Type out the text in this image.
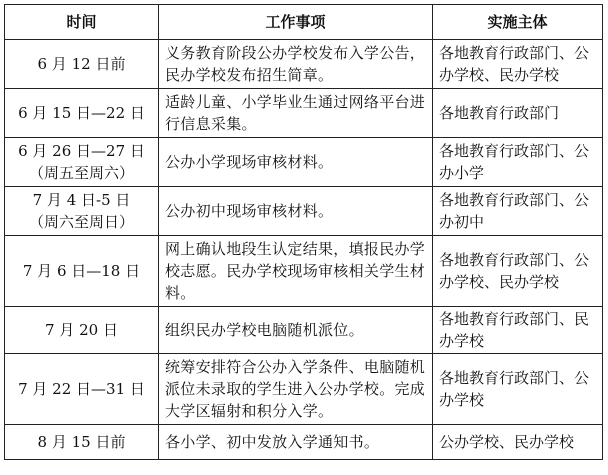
时间	工作事项	实施主体

6 月 12 日前	义务教育阶段公办学校发布入学公告，民办学校发布招生简章。	各地教育行政部门、公办学校、民办学校

6 月 15 日—22 日	适龄儿童、小学毕业生通过网络平台进行信息采集。	各地教育行政部门

6 月 26 日—27 日
（周五至周六）	公办小学现场审核材料。	各地教育行政部门、公办小学

7 月 4 日-5 日
（周六至周日）	公办初中现场审核材料。	各地教育行政部门、公办初中

7 月 6 日—18 日	网上确认地段生认定结果，填报民办学校志愿。民办学校现场审核相关学生材料。	各地教育行政部门、公办学校、民办学校

7 月 20 日	组织民办学校电脑随机派位。	各地教育行政部门、民办学校

7 月 22 日—31 日	统筹安排符合公办入学条件、电脑随机派位未录取的学生进入公办学校。完成大学区辐射和积分入学。	各地教育行政部门、公办学校

8 月 15 日前	各小学、初中发放入学通知书。	公办学校、民办学校
